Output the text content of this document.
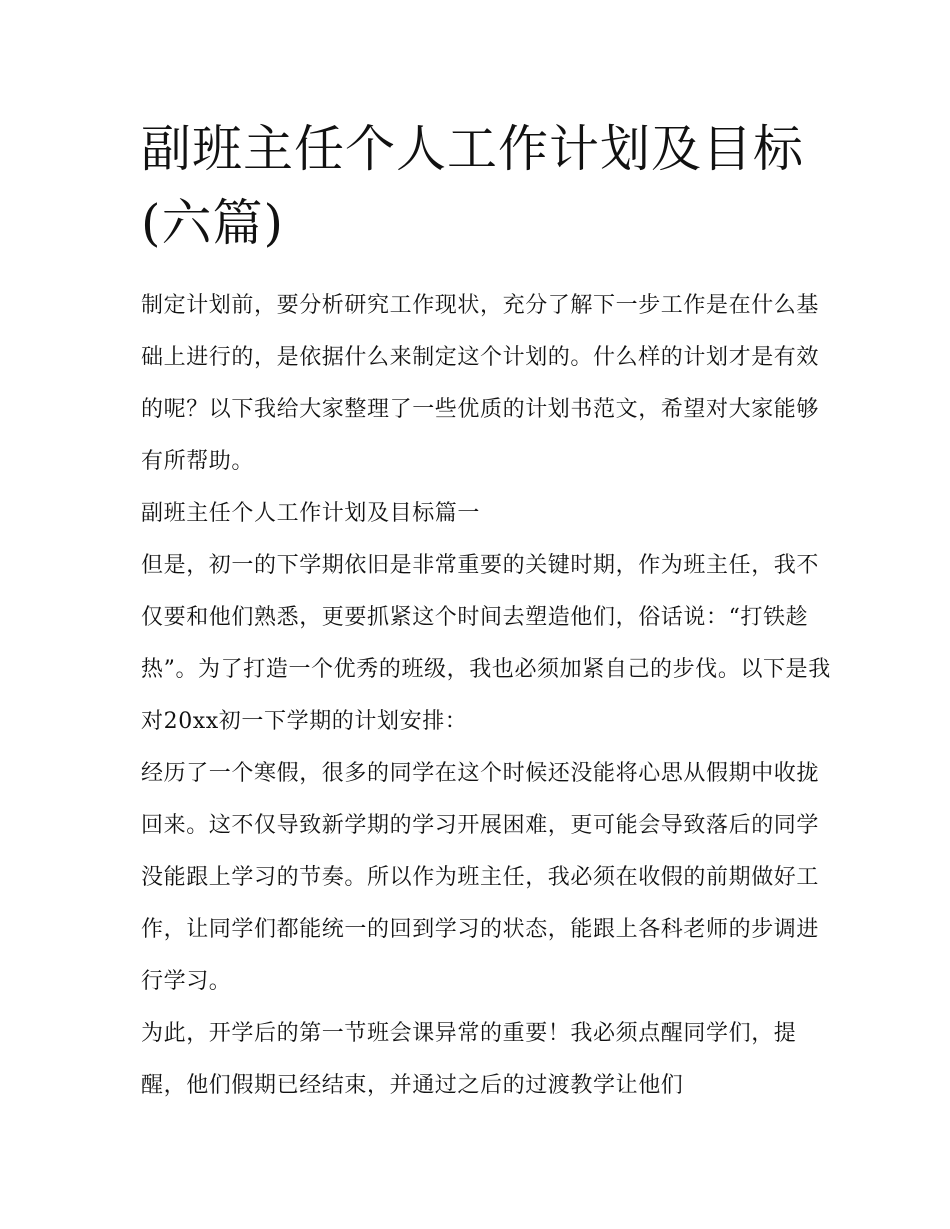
副班主任个人工作计划及目标(六篇)

制定计划前，要分析研究工作现状，充分了解下一步工作是在什么基础上进行的，是依据什么来制定这个计划的。什么样的计划才是有效的呢？以下我给大家整理了一些优质的计划书范文，希望对大家能够有所帮助。

副班主任个人工作计划及目标篇一

但是，初一的下学期依旧是非常重要的关键时期，作为班主任，我不仅要和他们熟悉，更要抓紧这个时间去塑造他们，俗话说：“打铁趁热”。为了打造一个优秀的班级，我也必须加紧自己的步伐。以下是我对20xx初一下学期的计划安排：

经历了一个寒假，很多的同学在这个时候还没能将心思从假期中收拢回来。这不仅导致新学期的学习开展困难，更可能会导致落后的同学没能跟上学习的节奏。所以作为班主任，我必须在收假的前期做好工作，让同学们都能统一的回到学习的状态，能跟上各科老师的步调进行学习。

为此，开学后的第一节班会课异常的重要！我必须点醒同学们，提醒，他们假期已经结束，并通过之后的过渡教学让他们
